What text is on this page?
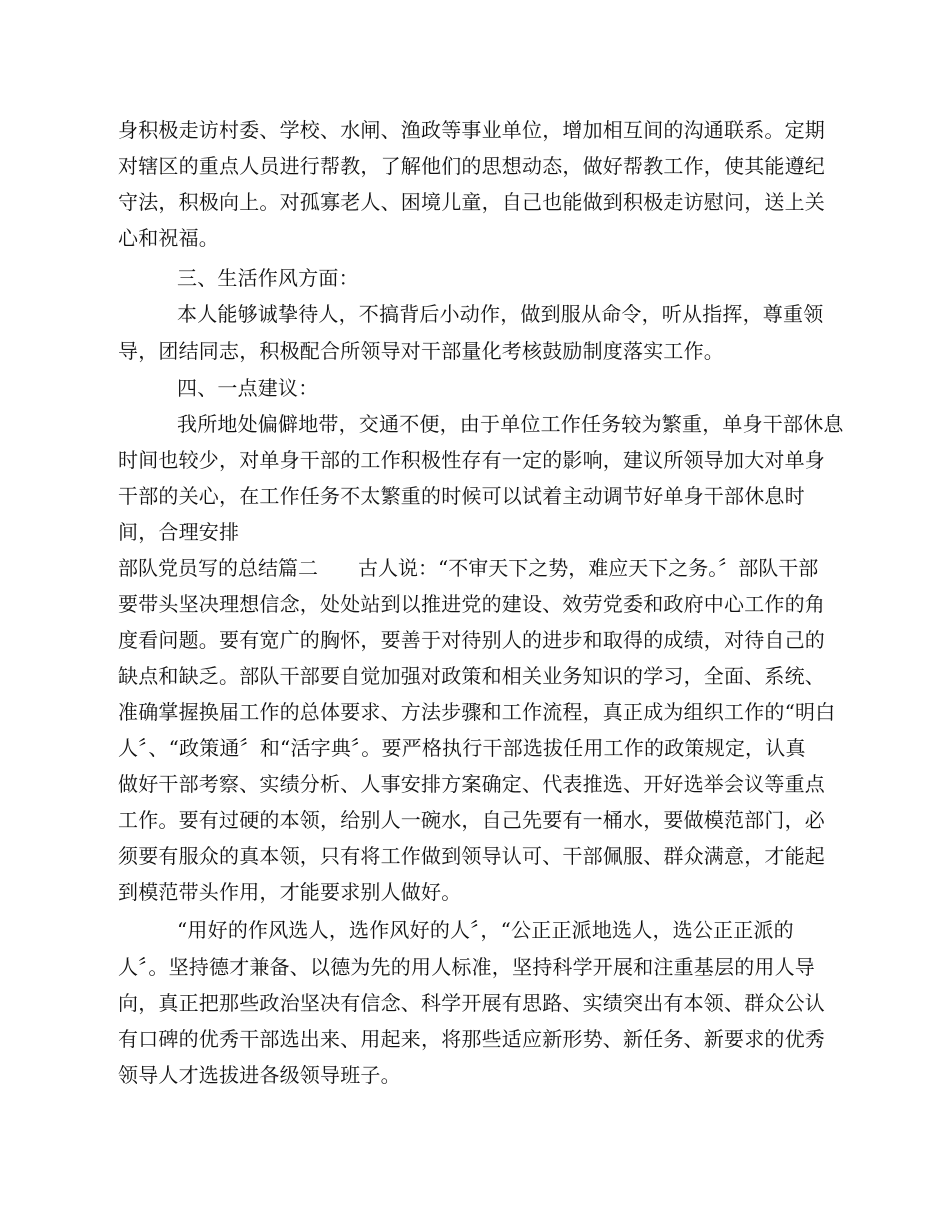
身积极走访村委、学校、水闸、渔政等事业单位，增加相互间的沟通联系。定期
对辖区的重点人员进行帮教，了解他们的思想动态，做好帮教工作，使其能遵纪
守法，积极向上。对孤寡老人、困境儿童，自己也能做到积极走访慰问，送上关
心和祝福。
三、生活作风方面：
本人能够诚挚待人，不搞背后小动作，做到服从命令，听从指挥，尊重领
导，团结同志，积极配合所领导对干部量化考核鼓励制度落实工作。
四、一点建议：
我所地处偏僻地带，交通不便，由于单位工作任务较为繁重，单身干部休息
时间也较少，对单身干部的工作积极性存有一定的影响，建议所领导加大对单身
干部的关心，在工作任务不太繁重的时候可以试着主动调节好单身干部休息时
间，合理安排
部队党员写的总结篇二　　古人说：“不审天下之势，难应天下之务。〞部队干部
要带头坚决理想信念，处处站到以推进党的建设、效劳党委和政府中心工作的角
度看问题。要有宽广的胸怀，要善于对待别人的进步和取得的成绩，对待自己的
缺点和缺乏。部队干部要自觉加强对政策和相关业务知识的学习，全面、系统、
准确掌握换届工作的总体要求、方法步骤和工作流程，真正成为组织工作的“明白
人〞、“政策通〞和“活字典〞。要严格执行干部选拔任用工作的政策规定，认真
做好干部考察、实绩分析、人事安排方案确定、代表推选、开好选举会议等重点
工作。要有过硬的本领，给别人一碗水，自己先要有一桶水，要做模范部门，必
须要有服众的真本领，只有将工作做到领导认可、干部佩服、群众满意，才能起
到模范带头作用，才能要求别人做好。
“用好的作风选人，选作风好的人〞，“公正正派地选人，选公正正派的
人〞。坚持德才兼备、以德为先的用人标准，坚持科学开展和注重基层的用人导
向，真正把那些政治坚决有信念、科学开展有思路、实绩突出有本领、群众公认
有口碑的优秀干部选出来、用起来，将那些适应新形势、新任务、新要求的优秀
领导人才选拔进各级领导班子。
